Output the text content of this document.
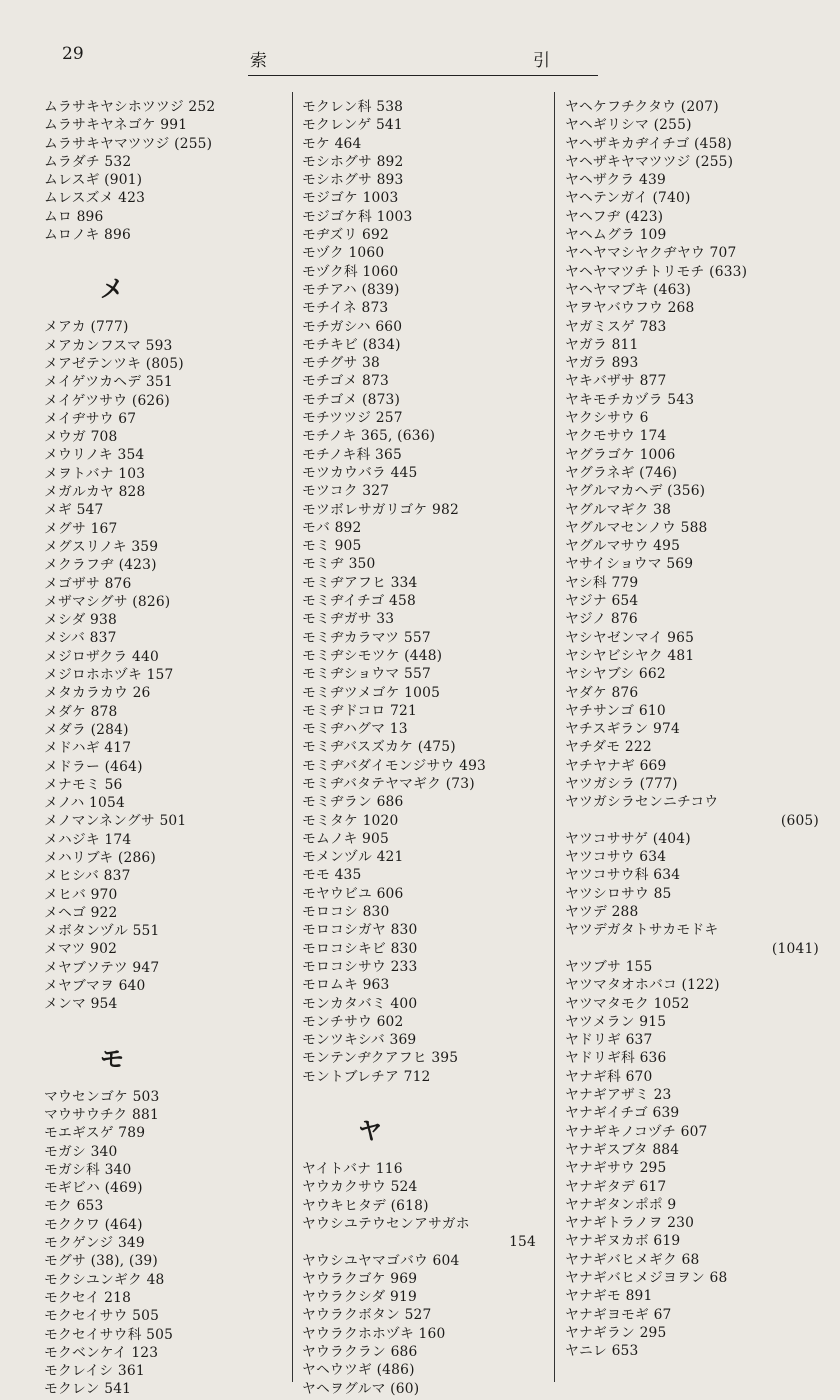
29	索	引
ムラサキヤシホツツジ 252
ムラサキヤネゴケ 991
ムラサキヤマツツジ (255)
ムラダチ 532
ムレスギ (901)
ムレスズメ 423
ムロ 896
ムロノキ 896
メ
メアカ (777)
メアカンフスマ 593
メアゼテンツキ (805)
メイゲツカヘデ 351
メイゲツサウ (626)
メイヂサウ 67
メウガ 708
メウリノキ 354
メヲトバナ 103
メガルカヤ 828
メギ 547
メグサ 167
メグスリノキ 359
メクラフヂ (423)
メゴザサ 876
メザマシグサ (826)
メシダ 938
メシバ 837
メジロザクラ 440
メジロホホヅキ 157
メタカラカウ 26
メダケ 878
メダラ (284)
メドハギ 417
メドラー (464)
メナモミ 56
メノハ 1054
メノマンネングサ 501
メハジキ 174
メハリブキ (286)
メヒシバ 837
メヒバ 970
メヘゴ 922
メボタンヅル 551
メマツ 902
メヤブソテツ 947
メヤブマヲ 640
メンマ 954
モ
マウセンゴケ 503
マウサウチク 881
モエギスゲ 789
モガシ 340
モガシ科 340
モギビハ (469)
モク 653
モククワ (464)
モクゲンジ 349
モグサ (38), (39)
モクシユンギク 48
モクセイ 218
モクセイサウ 505
モクセイサウ科 505
モクベンケイ 123
モクレイシ 361
モクレン 541
モクレン科 538
モクレンゲ 541
モケ 464
モシホグサ 892
モシホグサ 893
モジゴケ 1003
モジゴケ科 1003
モヂズリ 692
モヅク 1060
モヅク科 1060
モチアハ (839)
モチイネ 873
モチガシハ 660
モチキビ (834)
モチグサ 38
モチゴメ 873
モチゴメ (873)
モチツツジ 257
モチノキ 365, (636)
モチノキ科 365
モツカウバラ 445
モツコク 327
モツボレサガリゴケ 982
モバ 892
モミ 905
モミヂ 350
モミヂアフヒ 334
モミヂイチゴ 458
モミヂガサ 33
モミヂカラマツ 557
モミヂシモツケ (448)
モミヂショウマ 557
モミヂツメゴケ 1005
モミヂドコロ 721
モミヂハグマ 13
モミヂバスズカケ (475)
モミヂバダイモンジサウ 493
モミヂバタテヤマギク (73)
モミヂラン 686
モミタケ 1020
モムノキ 905
モメンヅル 421
モモ 435
モヤウビユ 606
モロコシ 830
モロコシガヤ 830
モロコシキビ 830
モロコシサウ 233
モロムキ 963
モンカタバミ 400
モンチサウ 602
モンツキシバ 369
モンテンヂクアフヒ 395
モントブレチア 712
ヤ
ヤイトバナ 116
ヤウカクサウ 524
ヤウキヒタデ (618)
ヤウシユテウセンアサガホ
154
ヤウシユヤマゴバウ 604
ヤウラクゴケ 969
ヤウラクシダ 919
ヤウラクボタン 527
ヤウラクホホヅキ 160
ヤウラクラン 686
ヤヘウツギ (486)
ヤヘヲグルマ (60)
ヤヘケフチクタウ (207)
ヤヘギリシマ (255)
ヤヘザキカヂイチゴ (458)
ヤヘザキヤマツツジ (255)
ヤヘザクラ 439
ヤヘテンガイ (740)
ヤヘフヂ (423)
ヤヘムグラ 109
ヤヘヤマシヤクヂヤウ 707
ヤヘヤマツチトリモチ (633)
ヤヘヤマブキ (463)
ヤヲヤバウフウ 268
ヤガミスゲ 783
ヤガラ 811
ヤガラ 893
ヤキバザサ 877
ヤキモチカヅラ 543
ヤクシサウ 6
ヤクモサウ 174
ヤグラゴケ 1006
ヤグラネギ (746)
ヤグルマカヘデ (356)
ヤグルマギク 38
ヤグルマセンノウ 588
ヤグルマサウ 495
ヤサイショウマ 569
ヤシ科 779
ヤジナ 654
ヤジノ 876
ヤシヤゼンマイ 965
ヤシヤビシヤク 481
ヤシヤブシ 662
ヤダケ 876
ヤチサンゴ 610
ヤチスギラン 974
ヤチダモ 222
ヤチヤナギ 669
ヤツガシラ (777)
ヤツガシラセンニチコウ
(605)
ヤツコササゲ (404)
ヤツコサウ 634
ヤツコサウ科 634
ヤツシロサウ 85
ヤツデ 288
ヤツデガタトサカモドキ
(1041)
ヤツブサ 155
ヤツマタオホバコ (122)
ヤツマタモク 1052
ヤツメラン 915
ヤドリギ 637
ヤドリギ科 636
ヤナギ科 670
ヤナギアザミ 23
ヤナギイチゴ 639
ヤナギキノコヅチ 607
ヤナギスブタ 884
ヤナギサウ 295
ヤナギタデ 617
ヤナギタンポポ 9
ヤナギトラノヲ 230
ヤナギヌカボ 619
ヤナギバヒメギク 68
ヤナギバヒメジヨヲン 68
ヤナギモ 891
ヤナギヨモギ 67
ヤナギラン 295
ヤニレ 653
